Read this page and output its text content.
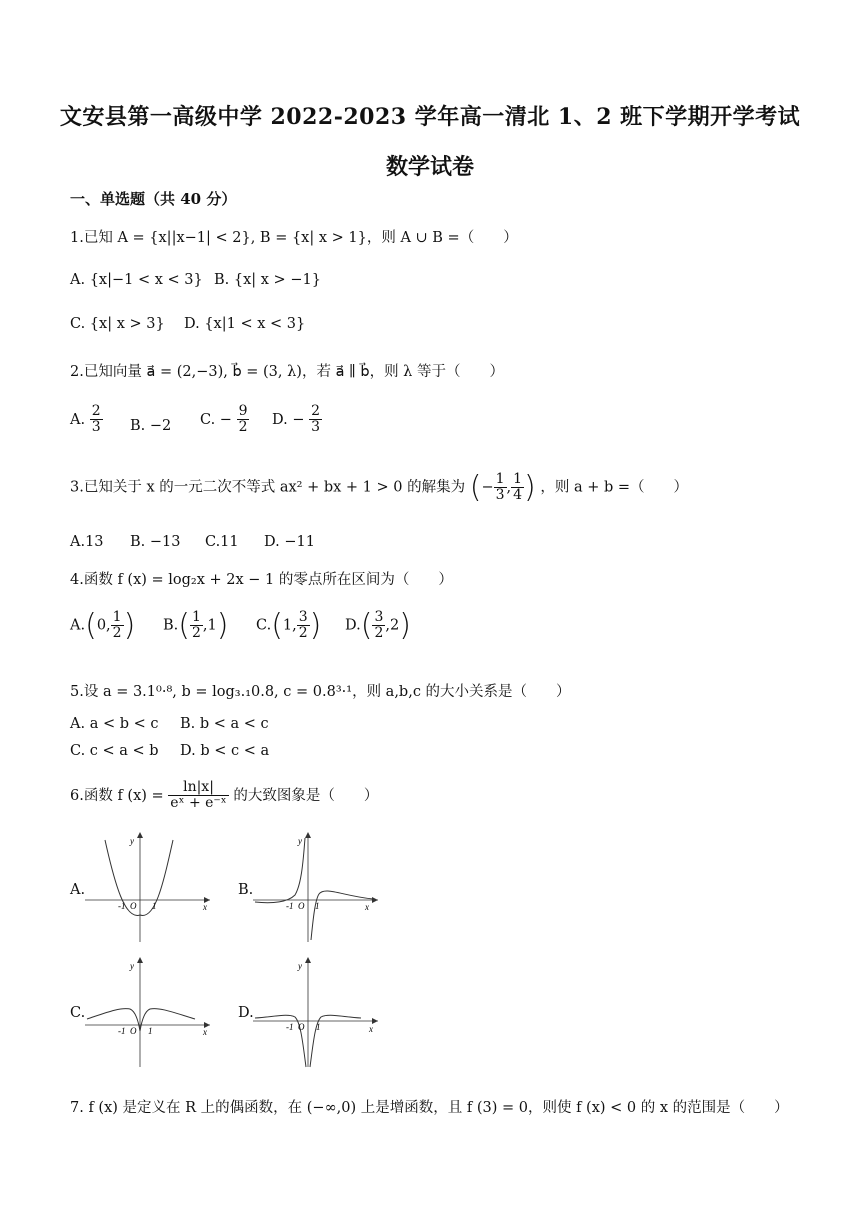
文安县第一高级中学 2022-2023 学年高一清北 1、2 班下学期开学考试
数学试卷
一、单选题（共 40 分）
1.已知 A = {x||x−1| < 2}, B = {x| x > 1}，则 A ∪ B =（　　）
A. {x|−1 < x < 3} B. {x| x > −1}
C. {x| x > 3} D. {x|1 < x < 3}
2.已知向量 a⃗ = (2,−3), b⃗ = (3, λ)，若 a⃗ ∥ b⃗，则 λ 等于（　　）
A. $\frac{2}{3} B$. −2 C. − $\frac{9}{2} D$. − $\frac{2}{3}$
3.已知关于 x 的一元二次不等式 ax² + bx + 1 > 0 的解集为 (− $\frac{1}{3}$ , $\frac{1}{4}$ ) ，则 a + b =（　　）
A.13 B. −13 C.11 D. −11
4.函数 f (x) = log₂x + 2x − 1 的零点所在区间为（　　）
A.(0, $\frac{1}{2}$ ) $B.( \frac{1}{2} ,1)$ C.(1, $\frac{3}{2}$ ) $D.( \frac{3}{2} ,2)$
5.设 a = 3.1⁰·⁸, b = log₃.₁0.8, c = 0.8³·¹，则 a,b,c 的大小关系是（　　）
A. a < b < c B. b < a < c
C. c < a < b D. b < c < a
6.函数 f $(x) = \frac{\ln|x|}{\text{eˣ + e⁻ˣ}}$ 的大致图象是（　　）
A.	B.
C.	D.
y
x
-1 O 1
y
x
-1 O 1
y
x
-1 O 1
y
x
-1 O 1
7. f (x) 是定义在 R 上的偶函数，在 (−∞,0) 上是增函数，且 f (3) = 0，则使 f (x) < 0 的 x 的范围是（　　）
